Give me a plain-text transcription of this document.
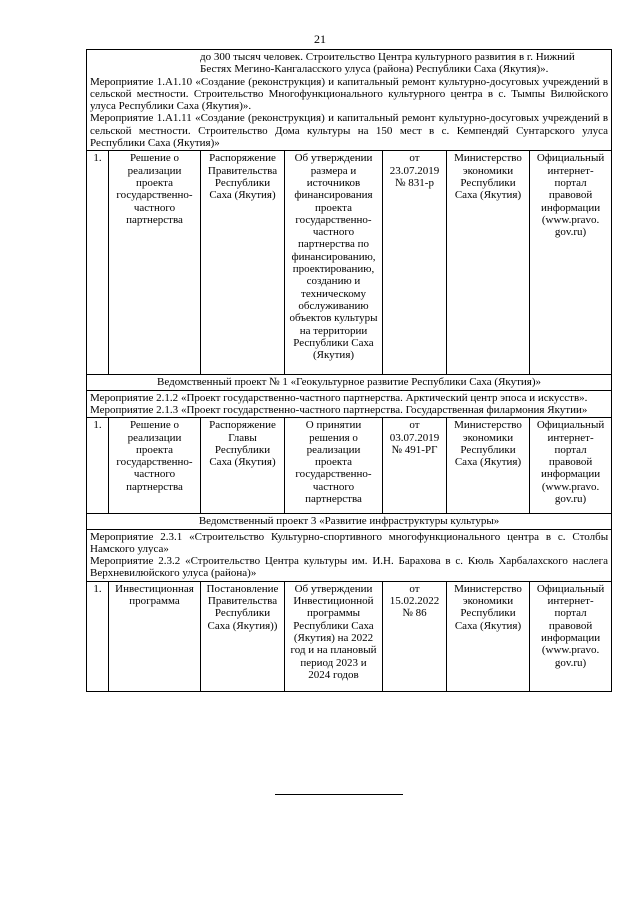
21
до 300 тысяч человек. Строительство Центра культурного развития в г. Нижний
Бестях Мегино-Кангаласского улуса (района) Республики Саха (Якутия)».
Мероприятие 1.А1.10 «Создание (реконструкция) и капитальный ремонт культурно-досуговых учреждений в сельской местности. Строительство Многофункционального культурного центра в с. Тымпы Вилюйского улуса Республики Саха (Якутия)».
Мероприятие 1.А1.11 «Создание (реконструкция) и капитальный ремонт культурно-досуговых учреждений в сельской местности. Строительство Дома культуры на 150 мест в с. Кемпендяй Сунтарского улуса Республики Саха (Якутия)»						

1.	Решение о реализации проекта государственно-частного партнерства	Распоряжение Правительства Республики Саха (Якутия)	Об утверждении размера и источников финансирования проекта государственно-частного партнерства по финансированию, проектированию, созданию и техническому обслуживанию объектов культуры на территории Республики Саха (Якутия)	от 23.07.2019 № 831-р	Министерство экономики Республики Саха (Якутия)	Официальный интернет-портал правовой информации (www.pravo. gov.ru)
Ведомственный проект № 1 «Геокультурное развитие Республики Саха (Якутия)»						

Мероприятие 2.1.2 «Проект государственно-частного партнерства. Арктический центр эпоса и искусств».
Мероприятие 2.1.3 «Проект государственно-частного партнерства. Государственная филармония Якутии»						

1.	Решение о реализации проекта государственно-частного партнерства	Распоряжение Главы Республики Саха (Якутия)	О принятии решения о реализации проекта государственно-частного партнерства	от 03.07.2019 № 491-РГ	Министерство экономики Республики Саха (Якутия)	Официальный интернет-портал правовой информации (www.pravo. gov.ru)
Ведомственный проект 3 «Развитие инфраструктуры культуры»						

Мероприятие 2.3.1 «Строительство Культурно-спортивного многофункционального центра в с. Столбы Намского улуса»
Мероприятие 2.3.2 «Строительство Центра культуры им. И.Н. Барахова в с. Кюль Харбалахского наслега Верхневилюйского улуса (района)»						

1.	Инвестиционная программа	Постановление Правительства Республики Саха (Якутия))	Об утверждении Инвестиционной программы Республики Саха (Якутия) на 2022 год и на плановый период 2023 и 2024 годов	от 15.02.2022 № 86	Министерство экономики Республики Саха (Якутия)	Официальный интернет-портал правовой информации (www.pravo. gov.ru)
